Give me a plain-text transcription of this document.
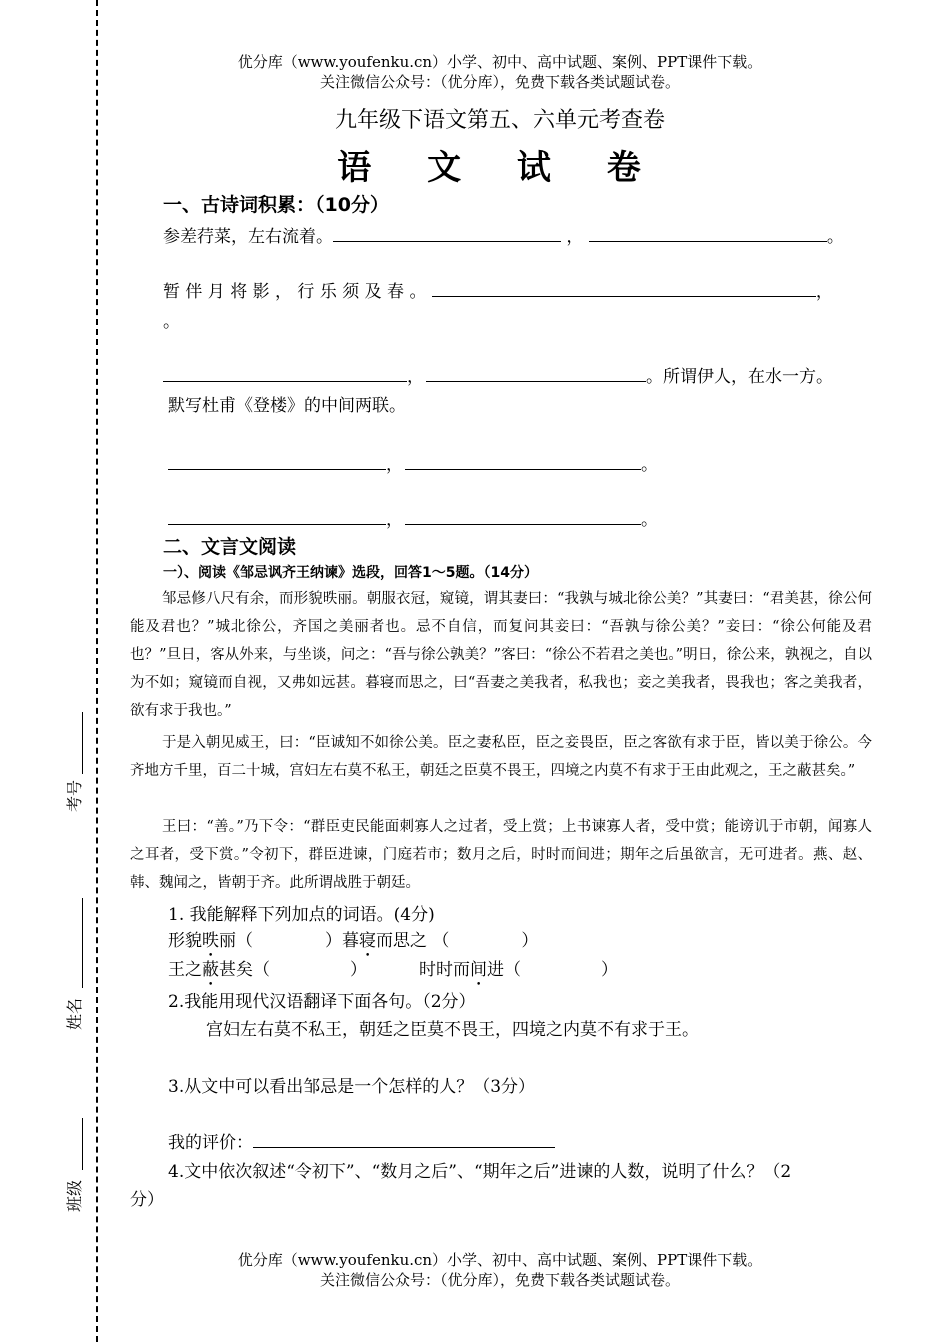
考号
姓名
班级
优分库（www.youfenku.cn）小学、初中、高中试题、案例、PPT课件下载。
关注微信公众号：（优分库），免费下载各类试题试卷。
九年级下语文第五、六单元考查卷
语 文 试 卷
一、古诗词积累：（10分）
参差荇菜，左右流着。	，	。
暂 伴 月 将 影 ， 行 乐 须 及 春 。	，
。
，	。所谓伊人，在水一方。
默写杜甫《登楼》的中间两联。
，	。
，	。
二、文言文阅读
一）、阅读《邹忌讽齐王纳谏》选段，回答1～5题。（14分）
邹忌修八尺有余，而形貌昳丽。朝服衣冠，窥镜，谓其妻曰：“我孰与城北徐公美？”其妻曰：“君美甚，徐公何能及君也？”城北徐公，齐国之美丽者也。忌不自信，而复问其妾曰：“吾孰与徐公美？”妾曰：“徐公何能及君也？”旦日，客从外来，与坐谈，问之：“吾与徐公孰美？”客曰：“徐公不若君之美也。”明日，徐公来，孰视之，自以为不如；窥镜而自视，又弗如远甚。暮寝而思之，曰“吾妻之美我者，私我也；妾之美我者，畏我也；客之美我者，欲有求于我也。”
于是入朝见威王，曰：“臣诚知不如徐公美。臣之妻私臣，臣之妾畏臣，臣之客欲有求于臣，皆以美于徐公。今齐地方千里，百二十城，宫妇左右莫不私王，朝廷之臣莫不畏王，四境之内莫不有求于王由此观之，王之蔽甚矣。”
王曰：“善。”乃下令：“群臣吏民能面刺寡人之过者，受上赏；上书谏寡人者，受中赏；能谤讥于市朝，闻寡人之耳者，受下赏。”令初下，群臣进谏，门庭若市；数月之后，时时而间进；期年之后虽欲言，无可进者。燕、赵、韩、魏闻之，皆朝于齐。此所谓战胜于朝廷。
1. 我能解释下列加点的词语。(4分)
形貌昳丽（	）暮寝而思之 （	）
王之蔽甚矣（	）	时时而间进（	）
2.我能用现代汉语翻译下面各句。（2分）
宫妇左右莫不私王，朝廷之臣莫不畏王，四境之内莫不有求于王。
3.从文中可以看出邹忌是一个怎样的人？（3分）
我的评价：
4.文中依次叙述“令初下”、“数月之后”、“期年之后”进谏的人数，说明了什么？（2
分）
优分库（www.youfenku.cn）小学、初中、高中试题、案例、PPT课件下载。
关注微信公众号：（优分库），免费下载各类试题试卷。
